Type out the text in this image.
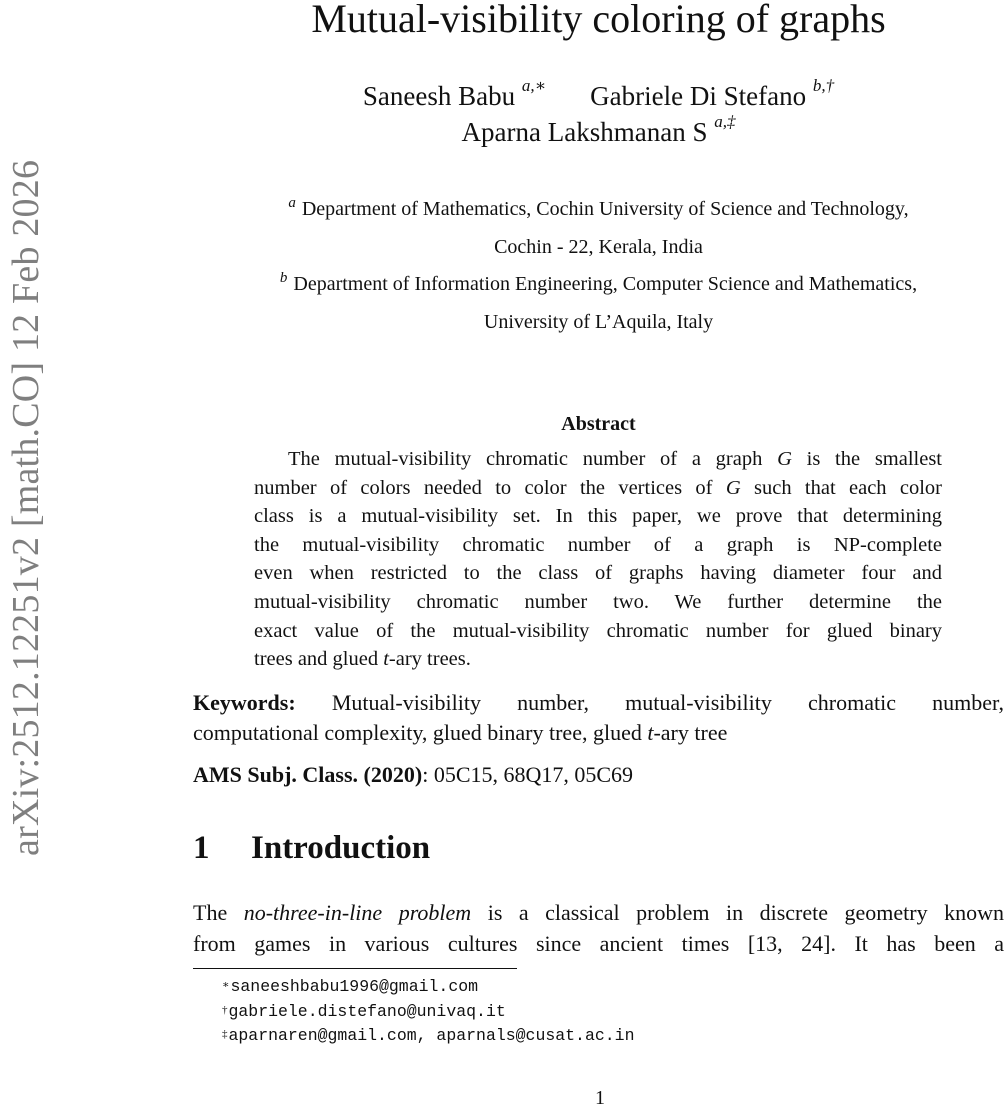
arXiv:2512.12251v2 [math.CO] 12 Feb 2026
Mutual-visibility coloring of graphs
Saneesh Babu $^{a,∗}$ Gabriele Di Stefano $^{b,\dagger}$
Aparna Lakshmanan S $^{a,\ddagger}$
$^a$ Department of Mathematics, Cochin University of Science and Technology,
Cochin - 22, Kerala, India
$^b$ Department of Information Engineering, Computer Science and Mathematics,
University of L’Aquila, Italy
Abstract
The mutual-visibility chromatic number of a graph G is the smallest
number of colors needed to color the vertices of G such that each color
class is a mutual-visibility set. In this paper, we prove that determining
the mutual-visibility chromatic number of a graph is NP-complete
even when restricted to the class of graphs having diameter four and
mutual-visibility chromatic number two. We further determine the
exact value of the mutual-visibility chromatic number for glued binary
trees and glued t-ary trees.
Keywords: Mutual-visibility number, mutual-visibility chromatic number,
computational complexity, glued binary tree, glued t-ary tree
AMS Subj. Class. (2020): 05C15, 68Q17, 05C69
1 Introduction
The no-three-in-line problem is a classical problem in discrete geometry known
from games in various cultures since ancient times [13, 24]. It has been a
∗saneeshbabu1996@gmail.com
†gabriele.distefano@univaq.it
‡aparnaren@gmail.com, aparnals@cusat.ac.in
1
